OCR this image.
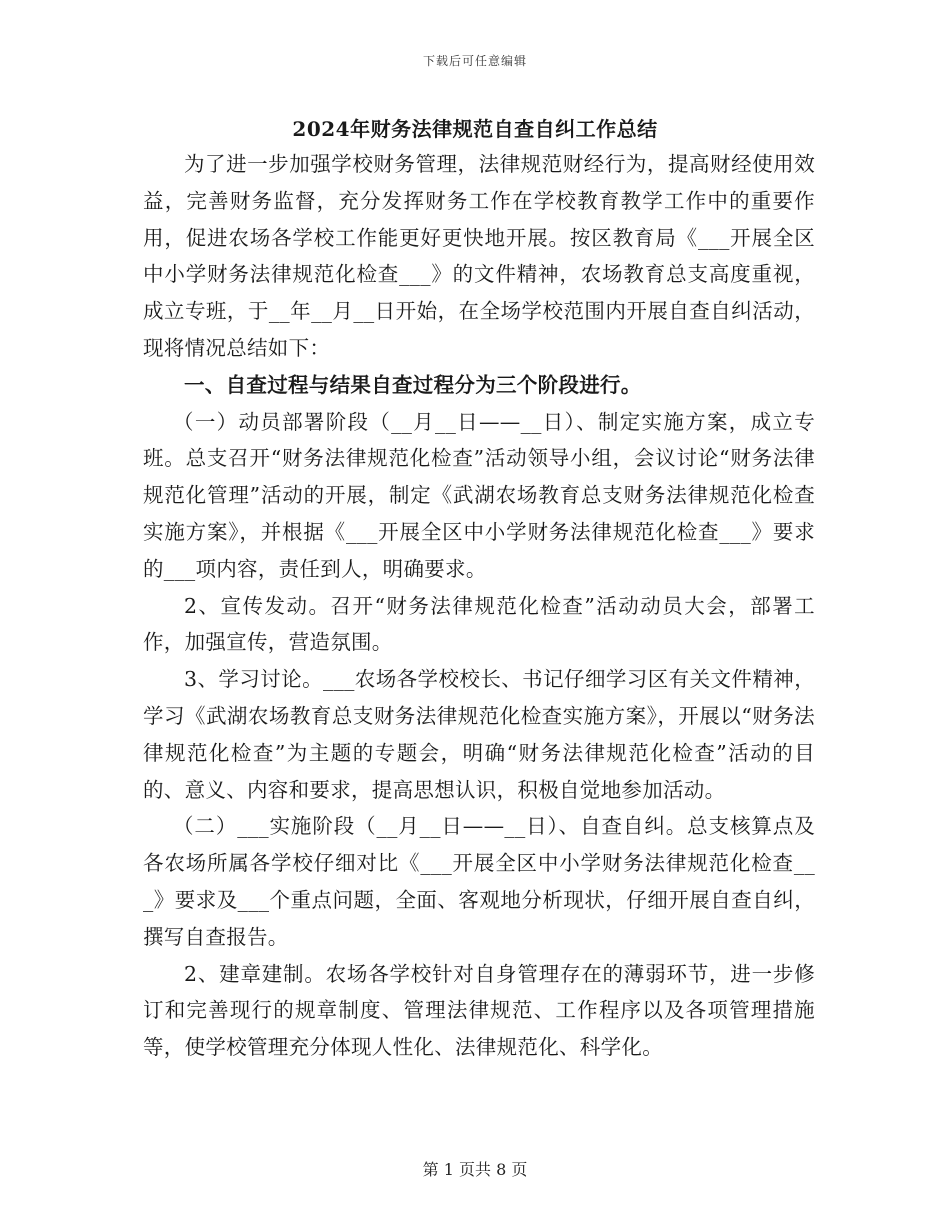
下载后可任意编辑
2024年财务法律规范自查自纠工作总结

为了进一步加强学校财务管理，法律规范财经行为，提高财经使用效益，完善财务监督，充分发挥财务工作在学校教育教学工作中的重要作用，促进农场各学校工作能更好更快地开展。按区教育局《___开展全区中小学财务法律规范化检查___》的文件精神，农场教育总支高度重视，成立专班，于__年__月__日开始，在全场学校范围内开展自查自纠活动，现将情况总结如下：

一、自查过程与结果自查过程分为三个阶段进行。

（一）动员部署阶段（__月__日——__日）、制定实施方案，成立专班。总支召开“财务法律规范化检查”活动领导小组，会议讨论“财务法律规范化管理”活动的开展，制定《武湖农场教育总支财务法律规范化检查实施方案》，并根据《___开展全区中小学财务法律规范化检查___》要求的___项内容，责任到人，明确要求。

2、宣传发动。召开“财务法律规范化检查”活动动员大会，部署工作，加强宣传，营造氛围。

3、学习讨论。___农场各学校校长、书记仔细学习区有关文件精神，学习《武湖农场教育总支财务法律规范化检查实施方案》，开展以“财务法律规范化检查”为主题的专题会，明确“财务法律规范化检查”活动的目的、意义、内容和要求，提高思想认识，积极自觉地参加活动。

（二）___实施阶段（__月__日——__日）、自查自纠。总支核算点及各农场所属各学校仔细对比《___开展全区中小学财务法律规范化检查___》要求及___个重点问题，全面、客观地分析现状，仔细开展自查自纠，撰写自查报告。

2、建章建制。农场各学校针对自身管理存在的薄弱环节，进一步修订和完善现行的规章制度、管理法律规范、工作程序以及各项管理措施等，使学校管理充分体现人性化、法律规范化、科学化。

第 1 页共 8 页
